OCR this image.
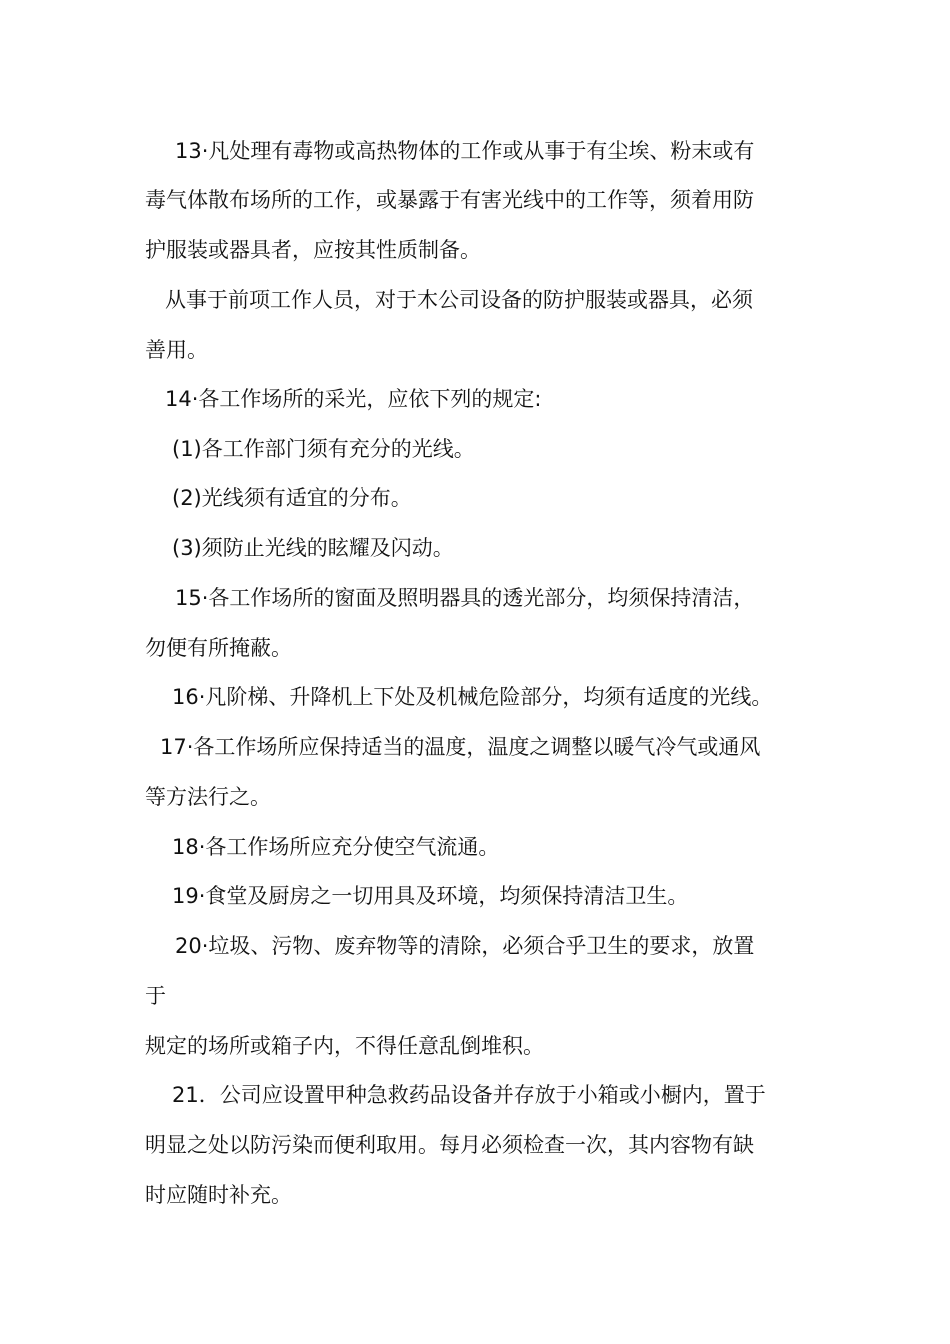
13·凡处理有毒物或高热物体的工作或从事于有尘埃、粉末或有
毒气体散布场所的工作，或暴露于有害光线中的工作等，须着用防
护服装或器具者，应按其性质制备。
从事于前项工作人员，对于木公司设备的防护服装或器具，必须
善用。
14·各工作场所的采光，应依下列的规定:
(1)各工作部门须有充分的光线。
(2)光线须有适宜的分布。
(3)须防止光线的眩耀及闪动。
15·各工作场所的窗面及照明器具的透光部分，均须保持清洁，
勿便有所掩蔽。
16·凡阶梯、升降机上下处及机械危险部分，均须有适度的光线。
17·各工作场所应保持适当的温度，温度之调整以暖气冷气或通风
等方法行之。
18·各工作场所应充分使空气流通。
19·食堂及厨房之一切用具及环境，均须保持清洁卫生。
20·垃圾、污物、废弃物等的清除，必须合乎卫生的要求，放置
于
规定的场所或箱子内，不得任意乱倒堆积。
21．公司应设置甲种急救药品设备并存放于小箱或小橱内，置于
明显之处以防污染而便利取用。每月必须检查一次，其内容物有缺
时应随时补充。
